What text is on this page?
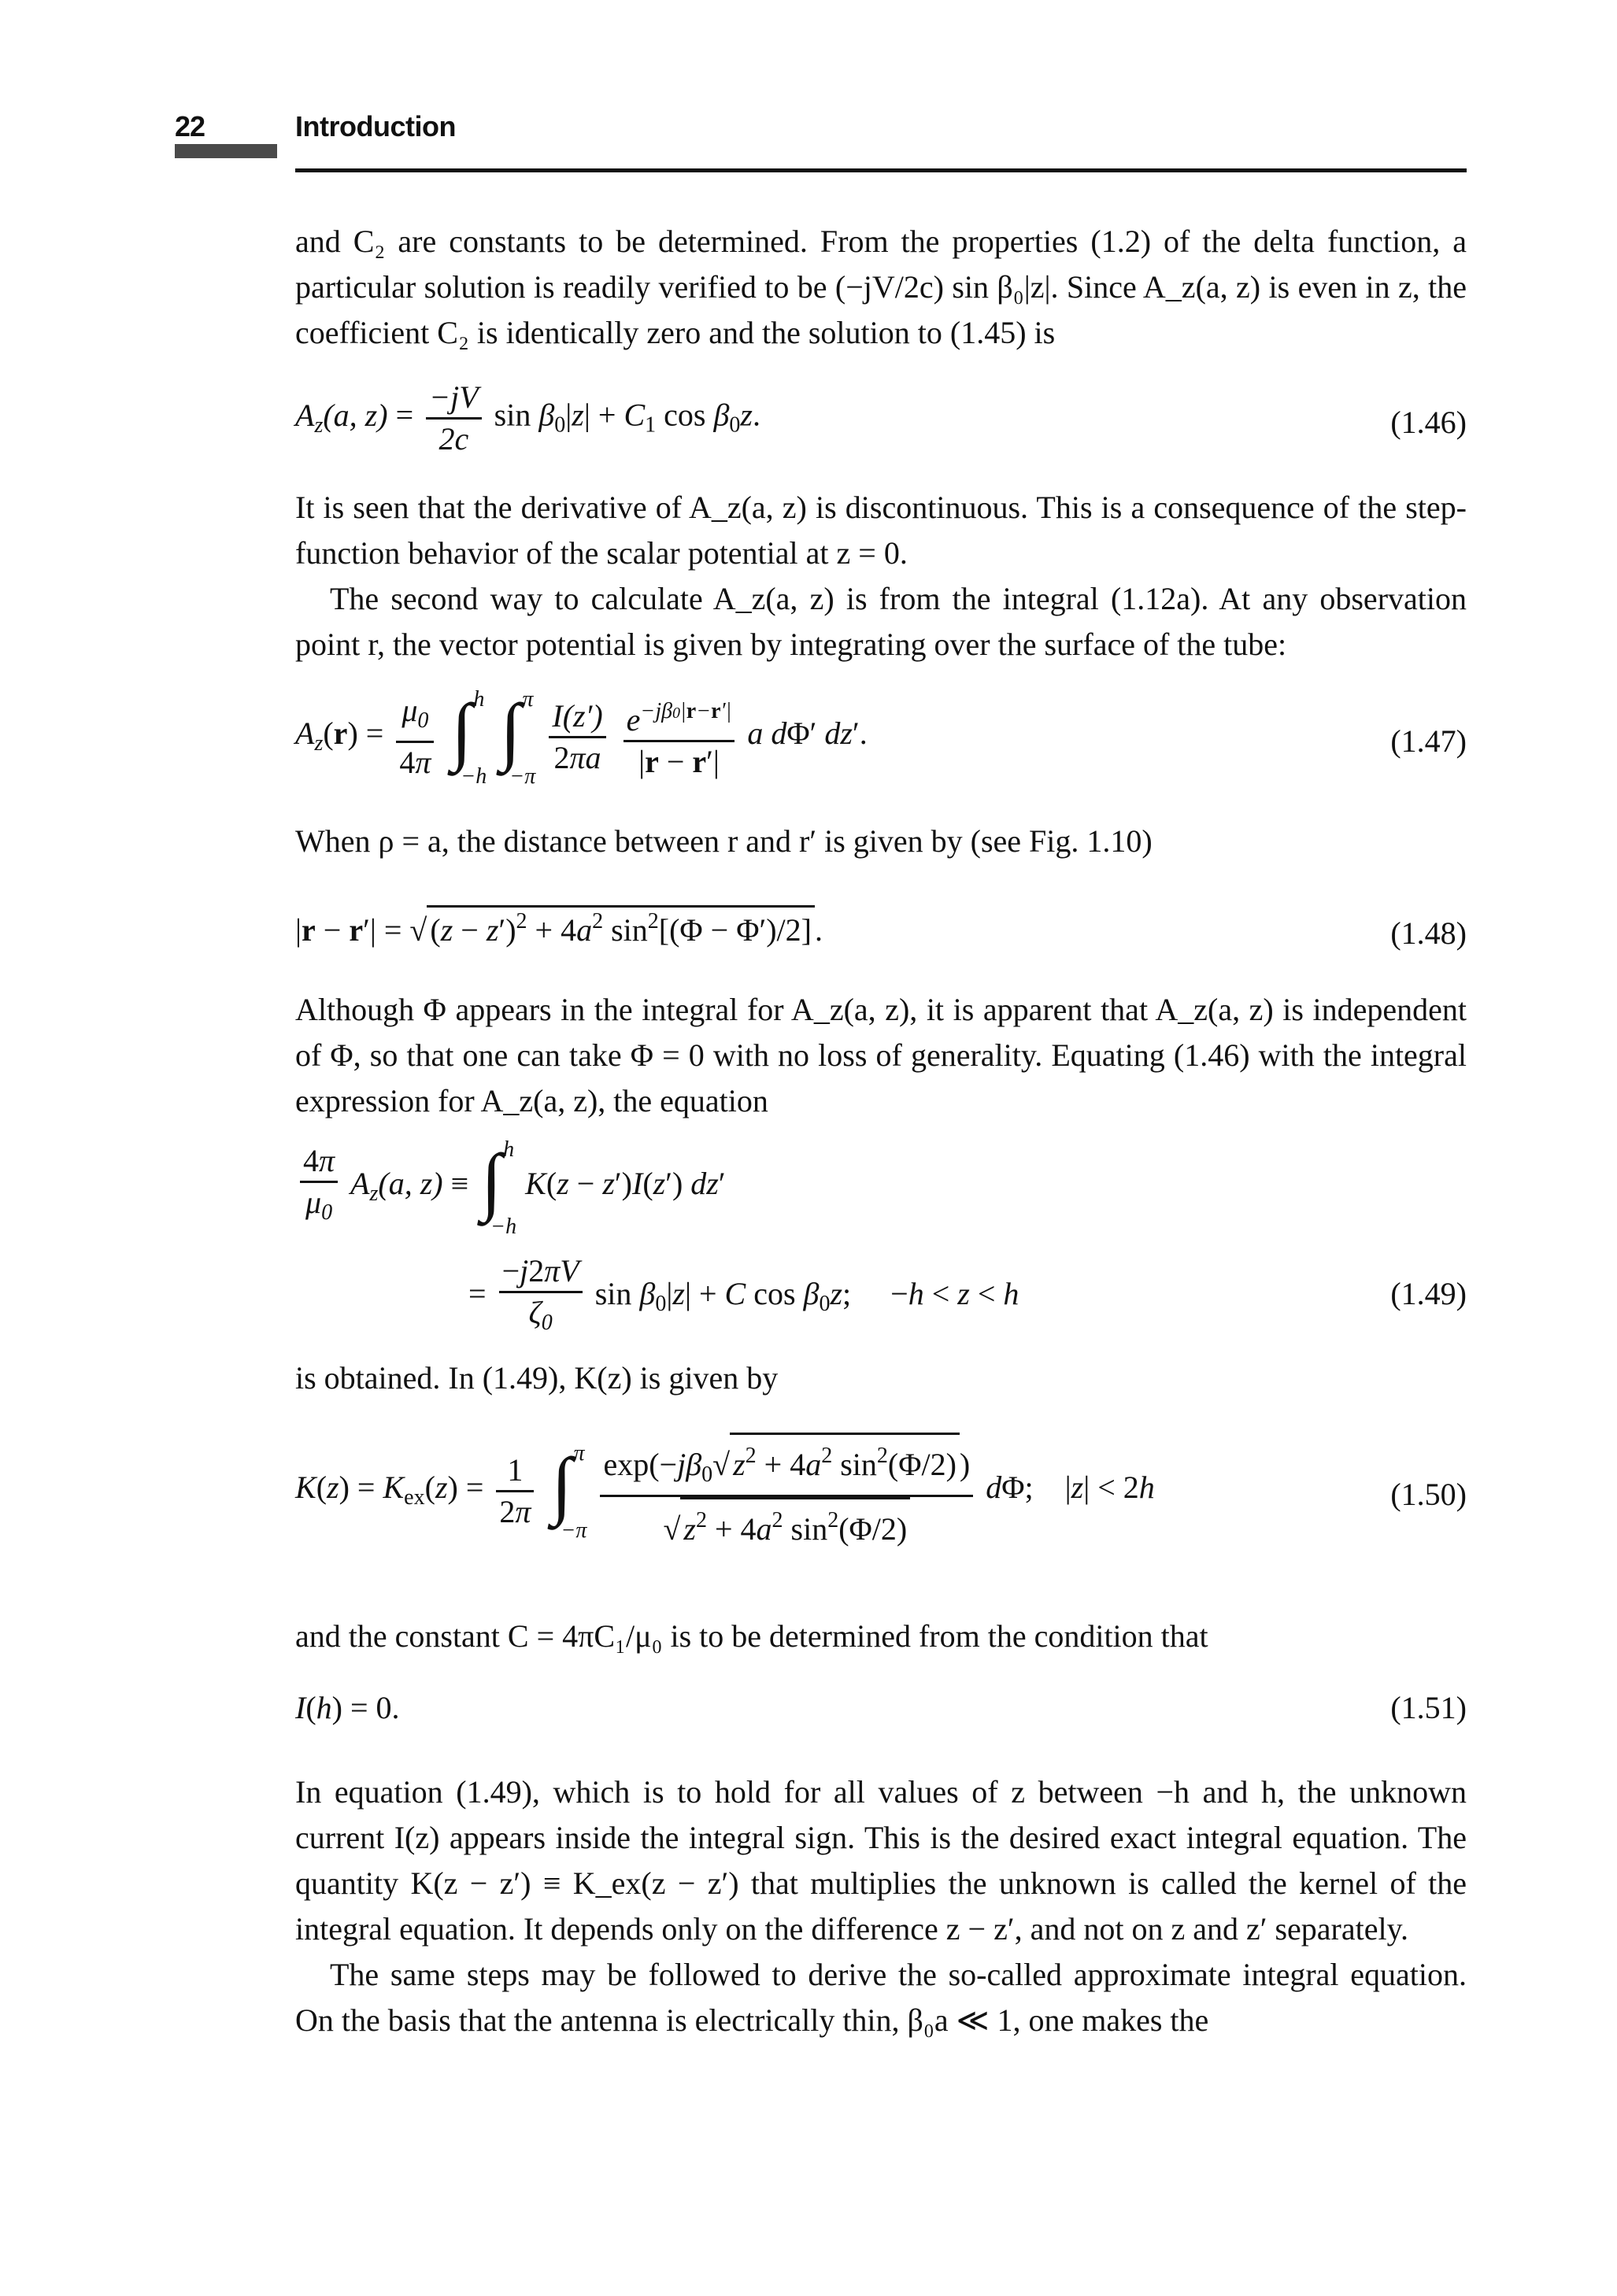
22	Introduction

and C₂ are constants to be determined. From the properties (1.2) of the delta function, a particular solution is readily verified to be (−jV/2c) sin β₀|z|. Since A_z(a, z) is even in z, the coefficient C₂ is identically zero and the solution to (1.45) is

$A_z(a$, $z) = \frac{-jV}{2c}$ $\sin \beta_0|z| + C_1$ $\cos \beta_0z$.	(1.46)

It is seen that the derivative of A_z(a, z) is discontinuous. This is a consequence of the step-function behavior of the scalar potential at z = 0.

The second way to calculate A_z(a, z) is from the integral (1.12a). At any observation point r, the vector potential is given by integrating over the surface of the tube:

$A_z(r) = \frac{\mu_0}{4\pi}$
∫ h
−h

∫ π
−π
$\frac{I(z')}{2\pi a}$
$\frac{e^{-j\beta 0|r-r'|}}{|r - r'|}$ a dΦ′ dz′.	(1.47)

When ρ = a, the distance between r and r′ is given by (see Fig. 1.10)

|r − r′| = √ $(z - z')^2 + 4a^2$ $\sin^2[(\Phi - \Phi')/2]$ .	(1.48)

Although Φ appears in the integral for A_z(a, z), it is apparent that A_z(a, z) is independent of Φ, so that one can take Φ = 0 with no loss of generality. Equating (1.46) with the integral expression for A_z(a, z), the equation

$\frac{4\pi}{\mu_0} A_z(a$, z) ≡ ∫ h
−h
K(z − z′)I(z′) dz′
= $\frac{-j2\pi V}{\zeta_0}$ $\sin \beta_0|z| + C$ $\cos \beta_0z$;     −h < z < h	(1.49)

is obtained. In (1.49), K(z) is given by

$K(z) = K_{ex}(z) = \frac{1}{2\pi}$
∫ π
−π
$\frac{\exp(-j\beta_0√ z^2 + 4a^2 \sin^2(\Phi/2) )}{√ z^2 + 4a^2 \sin^2(\Phi/2)} d\Phi$;    |z| < 2h	(1.50)

and the constant C = 4πC₁/μ₀ is to be determined from the condition that

I(h) = 0.	(1.51)

In equation (1.49), which is to hold for all values of z between −h and h, the unknown current I(z) appears inside the integral sign. This is the desired exact integral equation. The quantity K(z − z′) ≡ K_ex(z − z′) that multiplies the unknown is called the kernel of the integral equation. It depends only on the difference z − z′, and not on z and z′ separately.

The same steps may be followed to derive the so-called approximate integral equation. On the basis that the antenna is electrically thin, β₀a ≪ 1, one makes the
